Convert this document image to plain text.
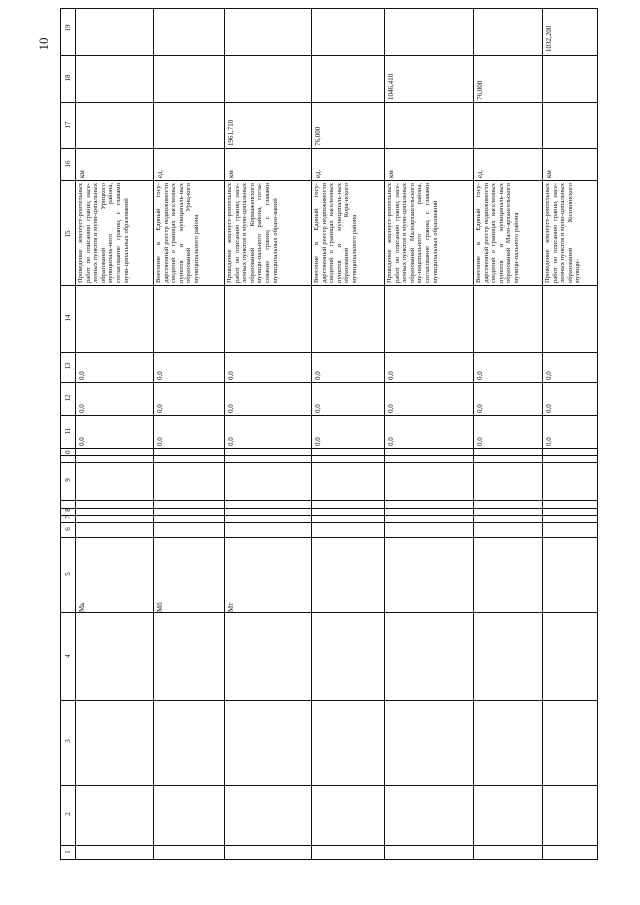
10
19
18
17
16
15
14
13
12
11
10
9
8
7
6
5
4
3
2
1
Мь
0,0
0,0
0,0
Проведение землеуст-роительных работ по описанию границ насе-ленных пунктов и муни-ципальных образований Урицкого муниципаль-ного района, согласование границ с главами муни-ципальных образований
км
Мб
0,0
0,0
0,0
Внесение в Единый госу-дарственный реестр недвижимости сведений о границах населенных пунктов и муниципаль-ных образований Уриц-кого муниципального района
ед.
Мт
0,0
0,0
0,0
Проведение землеуст-роительных работ по описанию границ насе-ленных пунктов и муни-ципальных образований Кормаженского муници-пального района, согла-сование границ с главами муниципальных образо-ваний
км
1961,710
0,0
0,0
0,0
Внесение в Единый госу-дарственный реестр недвижимости сведений о границах населенных пунктов и муниципаль-ных образований Кора-нского муниципального района
ед.
76,000
0,0
0,0
0,0
Проведение землеуст-роительных работ по описанию границ насе-ленных пунктов и муни-ципальных образований Малоархангельского му-ниципального района, согласование границ с главами муниципальных образований
км
1046,410
0,0
0,0
0,0
Внесение в Единый госу-дарственный реестр недвижимости сведений о границах населенных пунктов и муниципаль-ных образований Мало-архангельского муници-пального района
ед.
76,000
0,0
0,0
0,0
Проведение землеуст-роительных работ по описанию границ насе-ленных пунктов и муни-ципальных образований Колпнянского муници-
км
1032,200
